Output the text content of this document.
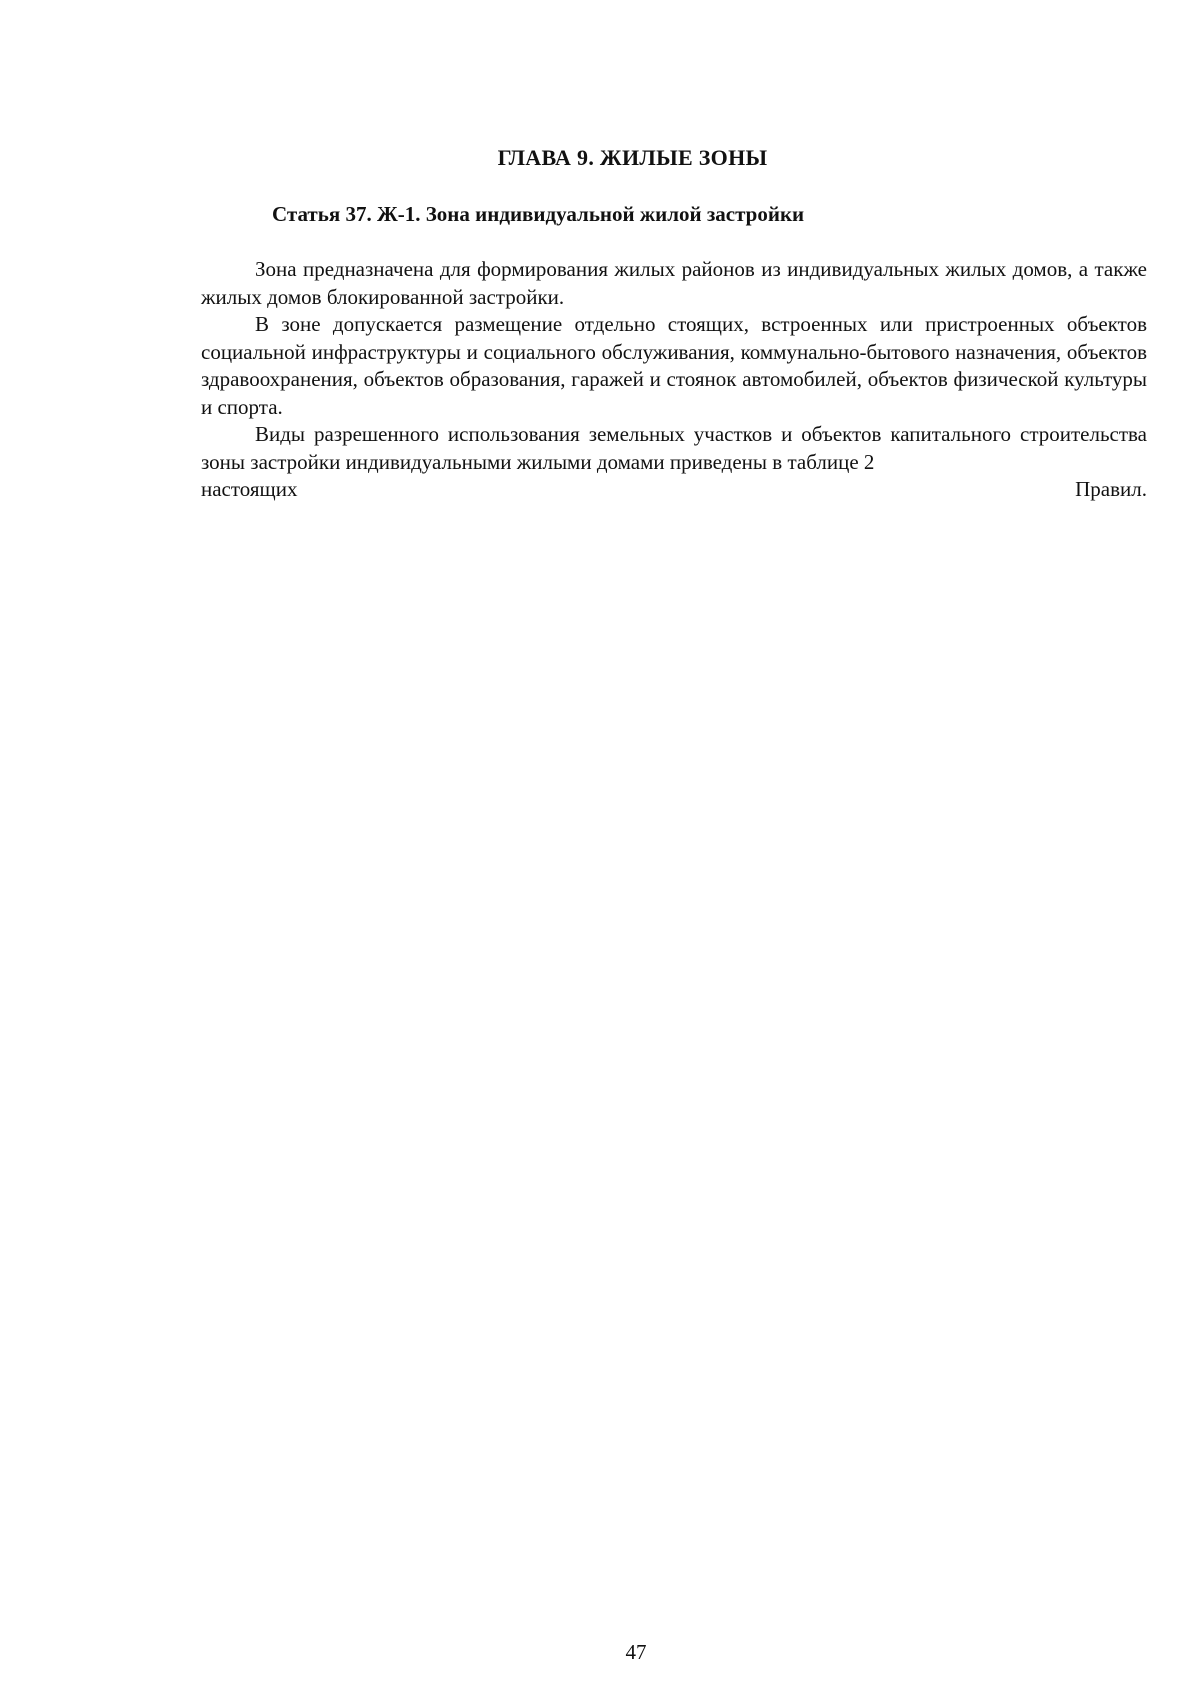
ГЛАВА 9. ЖИЛЫЕ ЗОНЫ
Статья 37. Ж-1. Зона индивидуальной жилой застройки

Зона предназначена для формирования жилых районов из индивидуальных жилых домов, а также жилых домов блокированной застройки.

В зоне допускается размещение отдельно стоящих, встроенных или пристроенных объектов социальной инфраструктуры и социального обслуживания, коммунально-бытового назначения, объектов здравоохранения, объектов образования, гаражей и стоянок автомобилей, объектов физической культуры и спорта.

Виды разрешенного использования земельных участков и объектов капитального строительства зоны застройки индивидуальными жилыми домами приведены в таблице 2

настоящих	Правил.
47
